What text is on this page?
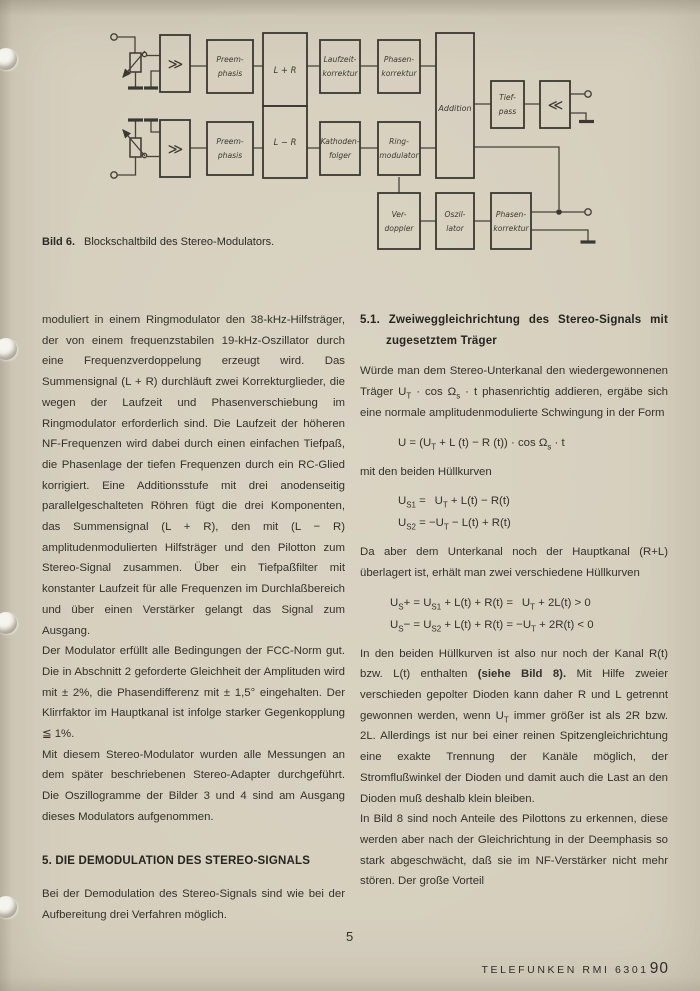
≫	Preem-
phasis	L + R
L − R
Laufzeit-
korrektur
Phasen-
korrektur
Addition
Tief-
pass ≪
≫	Preem-
phasis
Kathoden-
folger
Ring-
modulator
Ver-
doppler
Oszil-
lator
Phasen-
korrektur
Bild 6. Blockschaltbild des Stereo-Modulators.

moduliert in einem Ringmodulator den 38-kHz-Hilfsträger, der von einem frequenzstabilen 19-kHz-Oszillator durch eine Frequenzverdoppelung erzeugt wird. Das Summensignal (L + R) durchläuft zwei Korrekturglieder, die wegen der Laufzeit und Phasenverschiebung im Ringmodulator erforderlich sind. Die Laufzeit der höheren NF-Frequenzen wird dabei durch einen einfachen Tiefpaß, die Phasenlage der tiefen Frequenzen durch ein RC-Glied korrigiert. Eine Additionsstufe mit drei anodenseitig parallelgeschalteten Röhren fügt die drei Komponenten, das Summensignal (L + R), den mit (L − R) amplitudenmodulierten Hilfsträger und den Pilotton zum Stereo-Signal zusammen. Über ein Tiefpaßfilter mit konstanter Laufzeit für alle Frequenzen im Durchlaßbereich und über einen Verstärker gelangt das Signal zum Ausgang.

Der Modulator erfüllt alle Bedingungen der FCC-Norm gut. Die in Abschnitt 2 geforderte Gleichheit der Amplituden wird mit ± 2%, die Phasendifferenz mit ± 1,5° eingehalten. Der Klirrfaktor im Hauptkanal ist infolge starker Gegenkopplung ≦ 1%.

Mit diesem Stereo-Modulator wurden alle Messungen an dem später beschriebenen Stereo-Adapter durchgeführt. Die Oszillogramme der Bilder 3 und 4 sind am Ausgang dieses Modulators aufgenommen.

5. DIE DEMODULATION DES STEREO-SIGNALS

Bei der Demodulation des Stereo-Signals sind wie bei der Aufbereitung drei Verfahren möglich.

5.1. Zweiweggleichrichtung des Stereo-Signals mit zugesetztem Träger

Würde man dem Stereo-Unterkanal den wiedergewonnenen Träger $U_T \cdot \cos \Omega_s \cdot t$ phasenrichtig addieren, ergäbe sich eine normale amplitudenmodulierte Schwingung in der Form

$U = (U_T + L$ (t) − R $(t)) \cdot \cos \Omega_s \cdot t$

mit den beiden Hüllkurven

$U_{S1}$ =  $U_T + L(t) - R(t)$
$U_{S2} = -U_T - L(t) + R(t)$

Da aber dem Unterkanal noch der Hauptkanal (R+L) überlagert ist, erhält man zwei verschiedene Hüllkurven

$U_S+ = U_{S1} + L(t) + R(t)$ =  $U_T + 2L(t) > 0$
$U_S- = U_{S2} + L(t) + R(t) = -U_T + 2R(t) < 0$

In den beiden Hüllkurven ist also nur noch der Kanal R(t) bzw. L(t) enthalten (siehe Bild 8). Mit Hilfe zweier verschieden gepolter Dioden kann daher R und L getrennt gewonnen werden, wenn $U_T$ immer größer ist als 2R bzw. 2L. Allerdings ist nur bei einer reinen Spitzengleichrichtung eine exakte Trennung der Kanäle möglich, der Stromflußwinkel der Dioden und damit auch die Last an den Dioden muß deshalb klein bleiben.

In Bild 8 sind noch Anteile des Pilottons zu erkennen, diese werden aber nach der Gleichrichtung in der Deemphasis so stark abgeschwächt, daß sie im NF-Verstärker nicht mehr stören. Der große Vorteil

5
TELEFUNKEN RMI 6301 90
